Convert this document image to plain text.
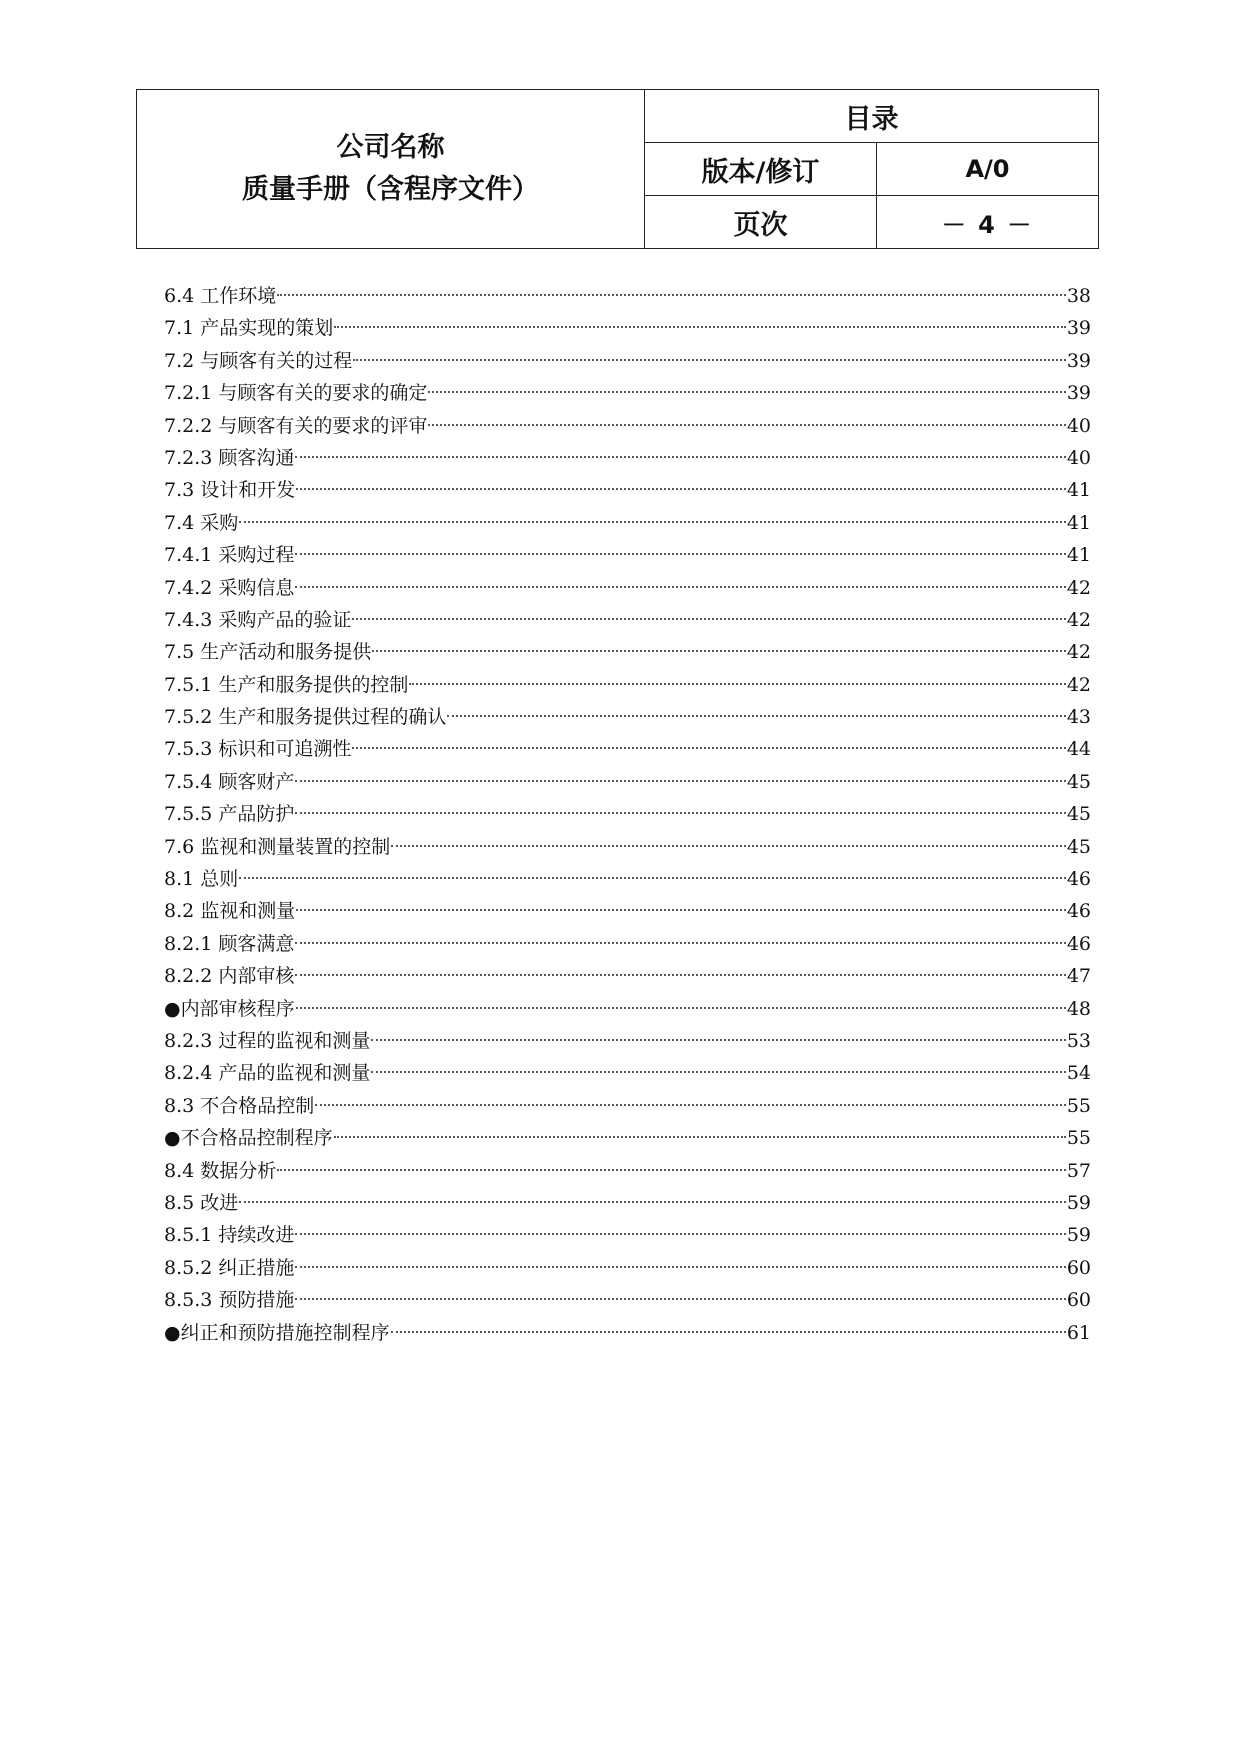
公司名称
质量手册（含程序文件）
目录
版本/修订	A/0
页次	－ 4 －
6.4 工作环境	38
7.1 产品实现的策划	39
7.2 与顾客有关的过程	39
7.2.1 与顾客有关的要求的确定	39
7.2.2 与顾客有关的要求的评审	40
7.2.3 顾客沟通	40
7.3 设计和开发	41
7.4 采购	41
7.4.1 采购过程	41
7.4.2 采购信息	42
7.4.3 采购产品的验证	42
7.5 生产活动和服务提供	42
7.5.1 生产和服务提供的控制	42
7.5.2 生产和服务提供过程的确认	43
7.5.3 标识和可追溯性	44
7.5.4 顾客财产	45
7.5.5 产品防护	45
7.6 监视和测量装置的控制	45
8.1 总则	46
8.2 监视和测量	46
8.2.1 顾客满意	46
8.2.2 内部审核	47
●内部审核程序	48
8.2.3 过程的监视和测量	53
8.2.4 产品的监视和测量	54
8.3 不合格品控制	55
●不合格品控制程序	55
8.4 数据分析	57
8.5 改进	59
8.5.1 持续改进	59
8.5.2 纠正措施	60
8.5.3 预防措施	60
●纠正和预防措施控制程序	61
